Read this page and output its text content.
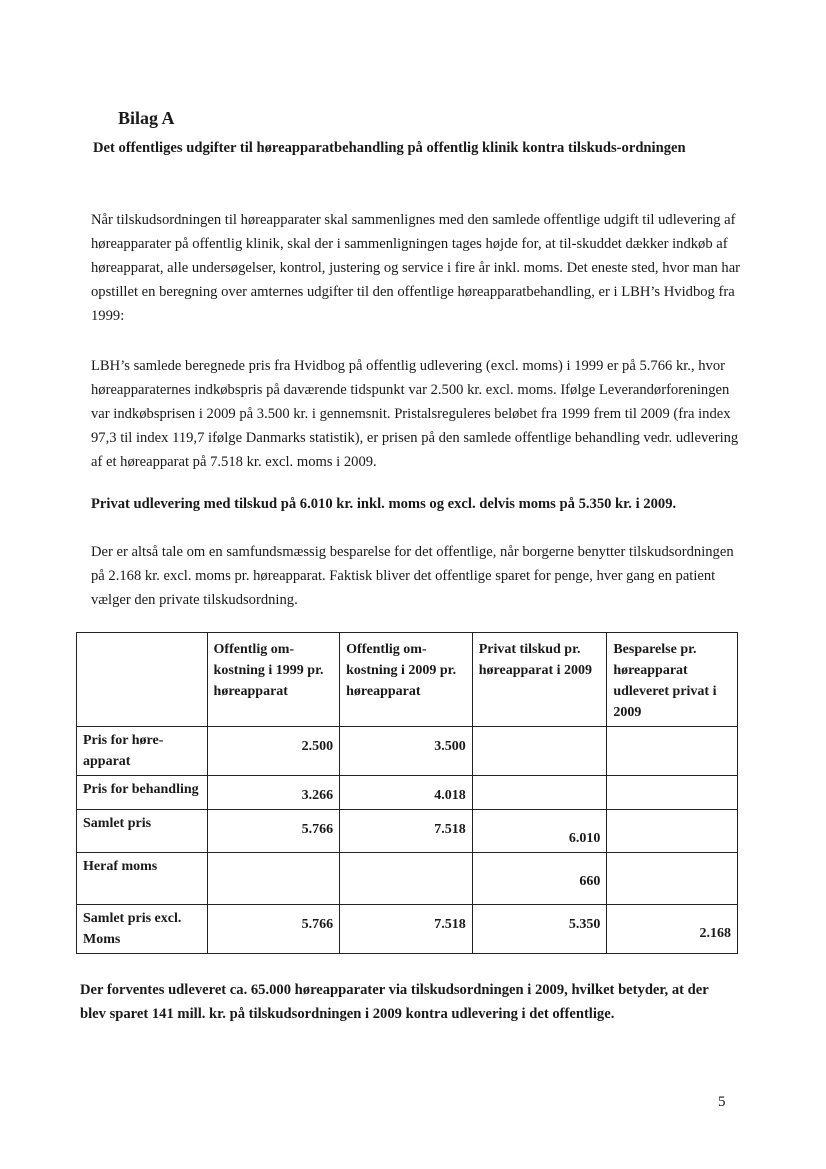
Bilag A

Det offentliges udgifter til høreapparatbehandling på offentlig klinik kontra tilskuds-ordningen

Når tilskudsordningen til høreapparater skal sammenlignes med den samlede offentlige udgift til udlevering af høreapparater på offentlig klinik, skal der i sammenligningen tages højde for, at til-skuddet dækker indkøb af høreapparat, alle undersøgelser, kontrol, justering og service i fire år inkl. moms. Det eneste sted, hvor man har opstillet en beregning over amternes udgifter til den offentlige høreapparatbehandling, er i LBH’s Hvidbog fra 1999:

LBH’s samlede beregnede pris fra Hvidbog på offentlig udlevering (excl. moms) i 1999 er på 5.766 kr., hvor høreapparaternes indkøbspris på daværende tidspunkt var 2.500 kr. excl. moms. Ifølge Leverandørforeningen var indkøbsprisen i 2009 på 3.500 kr. i gennemsnit. Pristalsreguleres beløbet fra 1999 frem til 2009 (fra index 97,3 til index 119,7 ifølge Danmarks statistik), er prisen på den samlede offentlige behandling vedr. udlevering af et høreapparat på 7.518 kr. excl. moms i 2009.

Privat udlevering med tilskud på 6.010 kr. inkl. moms og excl. delvis moms på 5.350 kr. i 2009.

Der er altså tale om en samfundsmæssig besparelse for det offentlige, når borgerne benytter tilskudsordningen på 2.168 kr. excl. moms pr. høreapparat. Faktisk bliver det offentlige sparet for penge, hver gang en patient vælger den private tilskudsordning.

	Offentlig om-kostning i 1999 pr. høreapparat	Offentlig om-kostning i 2009 pr. høreapparat	Privat tilskud pr. høreapparat i 2009	Besparelse pr. høreapparat udleveret privat i 2009
Pris for høre-apparat	2.500	3.500		
Pris for behandling	3.266	4.018		
Samlet pris	5.766	7.518	6.010	
Heraf moms			660	
Samlet pris excl. Moms	5.766	7.518	5.350	2.168

Der forventes udleveret ca. 65.000 høreapparater via tilskudsordningen i 2009, hvilket betyder, at der blev sparet 141 mill. kr. på tilskudsordningen i 2009 kontra udlevering i det offentlige.

5
